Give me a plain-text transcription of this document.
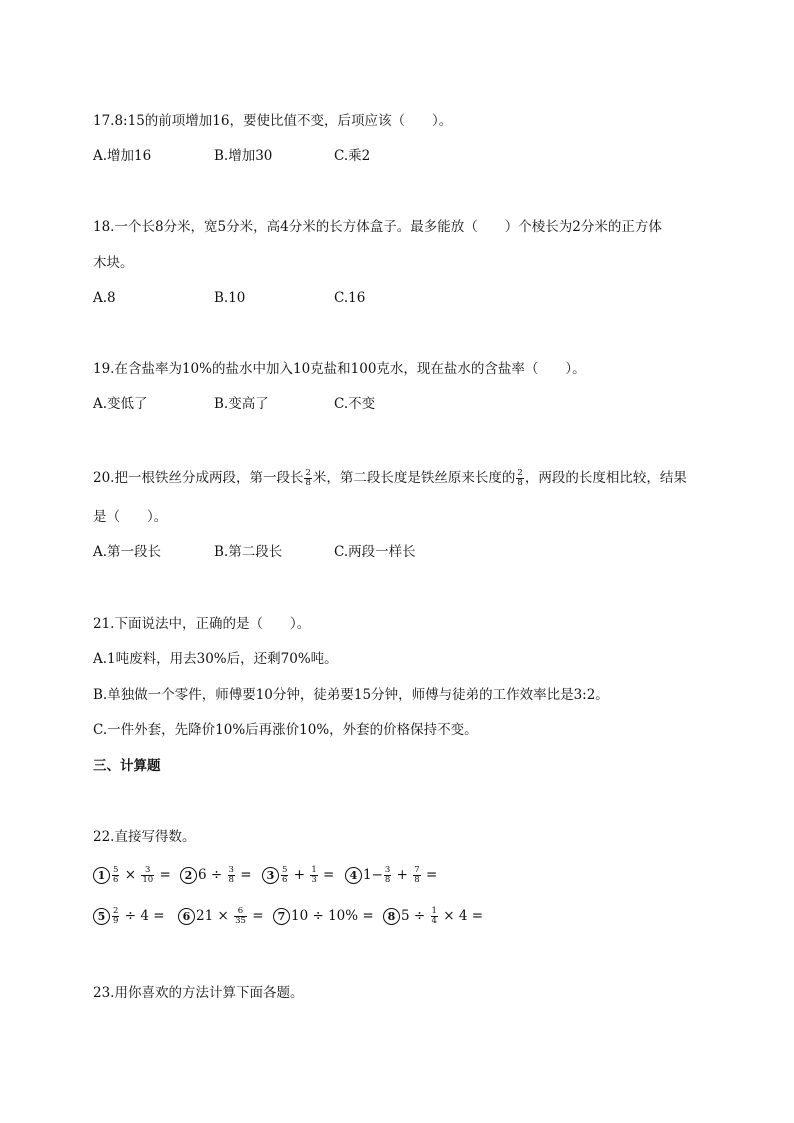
17.8:15的前项增加16，要使比值不变，后项应该（　　）。
A.增加16	B.增加30	C.乘2
18.一个长8分米，宽5分米，高4分米的长方体盒子。最多能放（　　）个棱长为2分米的正方体
木块。
A.8	B.10	C.16
19.在含盐率为10%的盐水中加入10克盐和100克水，现在盐水的含盐率（　　）。
A.变低了	B.变高了	C.不变
20.把一根铁丝分成两段，第一段长 $\frac{2}{8}$ 米，第二段长度是铁丝原来长度的 $\frac{2}{8}$ ，两段的长度相比较，结果
是（　　）。
A.第一段长	B.第二段长	C.两段一样长
21.下面说法中，正确的是（　　）。
A.1吨废料，用去30%后，还剩70%吨。
B.单独做一个零件，师傅要10分钟，徒弟要15分钟，师傅与徒弟的工作效率比是3:2。
C.一件外套，先降价10%后再涨价10%，外套的价格保持不变。
三、计算题
22.直接写得数。
$1 \frac{5}{6} \times \frac{3}{10}$ =	2 $6 \div \frac{3}{8}$ =	$3 \frac{5}{6} + \frac{1}{3}$ =	4 $1- \frac{3}{8} + \frac{7}{8}$ =
$5 \frac{2}{9} \div 4$ =	6 $21 \times \frac{6}{35}$ =	7 10 ÷ 10% =	8 $5 \div \frac{1}{4} \times 4$ =
23.用你喜欢的方法计算下面各题。
